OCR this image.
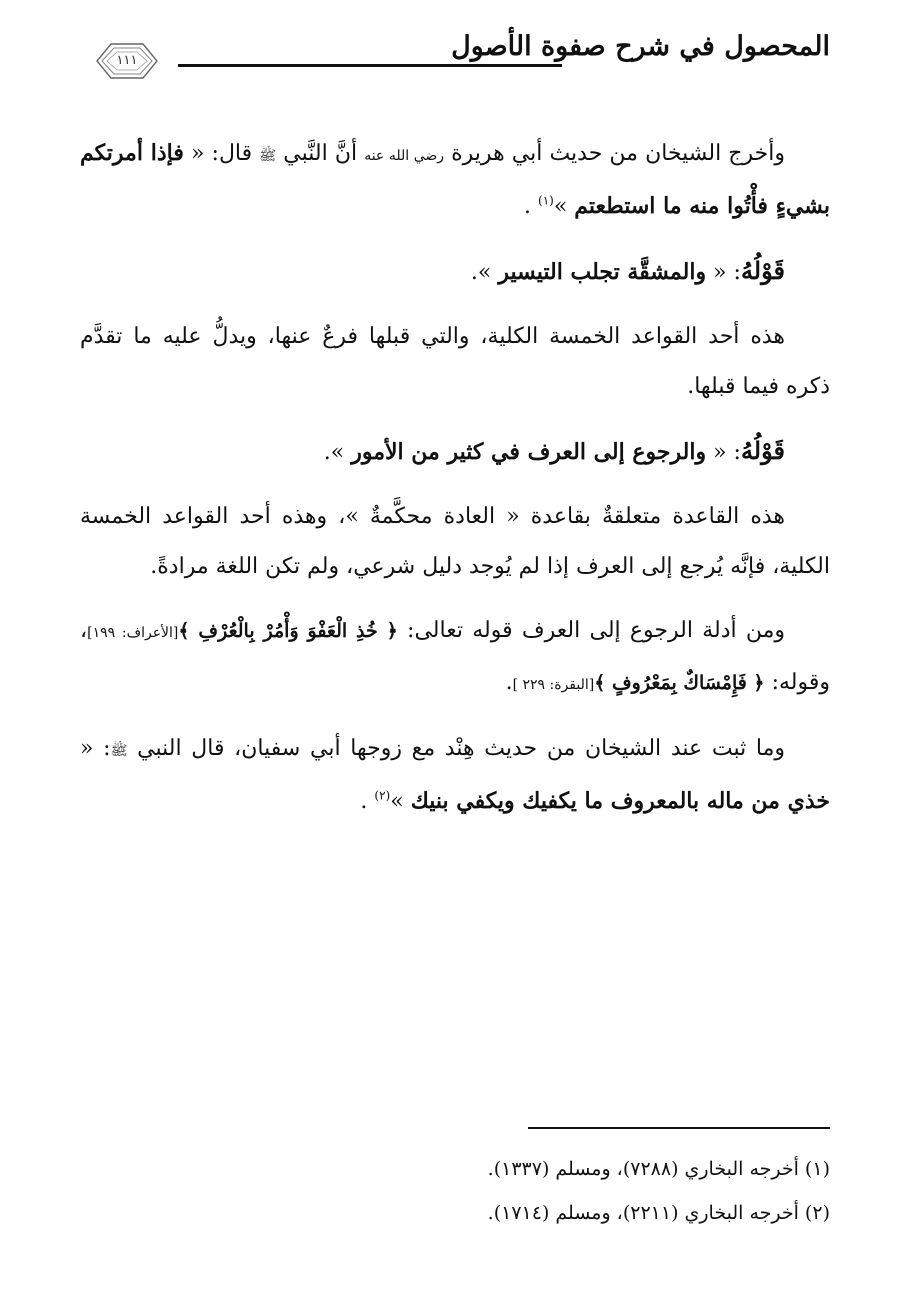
المحصول في شرح صفوة الأصول
١١١

وأخرج الشيخان من حديث أبي هريرة رضي الله عنه أنَّ النَّبي ﷺ قال: « فإذا أمرتكم بشيءٍ فأْتُوا منه ما استطعتم »$^{(١)}$ .

قَوْلُهُ: « والمشقَّة تجلب التيسير ».

هذه أحد القواعد الخمسة الكلية، والتي قبلها فرعٌ عنها، ويدلُّ عليه ما تقدَّم ذكره فيما قبلها.

قَوْلُهُ: « والرجوع إلى العرف في كثير من الأمور ».

هذه القاعدة متعلقةٌ بقاعدة « العادة محكَّمةٌ »، وهذه أحد القواعد الخمسة الكلية، فإنَّه يُرجع إلى العرف إذا لم يُوجد دليل شرعي، ولم تكن اللغة مرادةً.

ومن أدلة الرجوع إلى العرف قوله تعالى: ﴿ خُذِ الْعَفْوَ وَأْمُرْ بِالْعُرْفِ ﴾[الأعراف: ١٩٩]، وقوله: ﴿ فَإِمْسَاكٌ بِمَعْرُوفٍ ﴾[البقرة: ٢٢٩ ].

وما ثبت عند الشيخان من حديث هِنْد مع زوجها أبي سفيان، قال النبي ﷺ: « خذي من ماله بالمعروف ما يكفيك ويكفي بنيك »$^{(٢)}$ .

(١) أخرجه البخاري (٧٢٨٨)، ومسلم (١٣٣٧).

(٢) أخرجه البخاري (٢٢١١)، ومسلم (١٧١٤).
